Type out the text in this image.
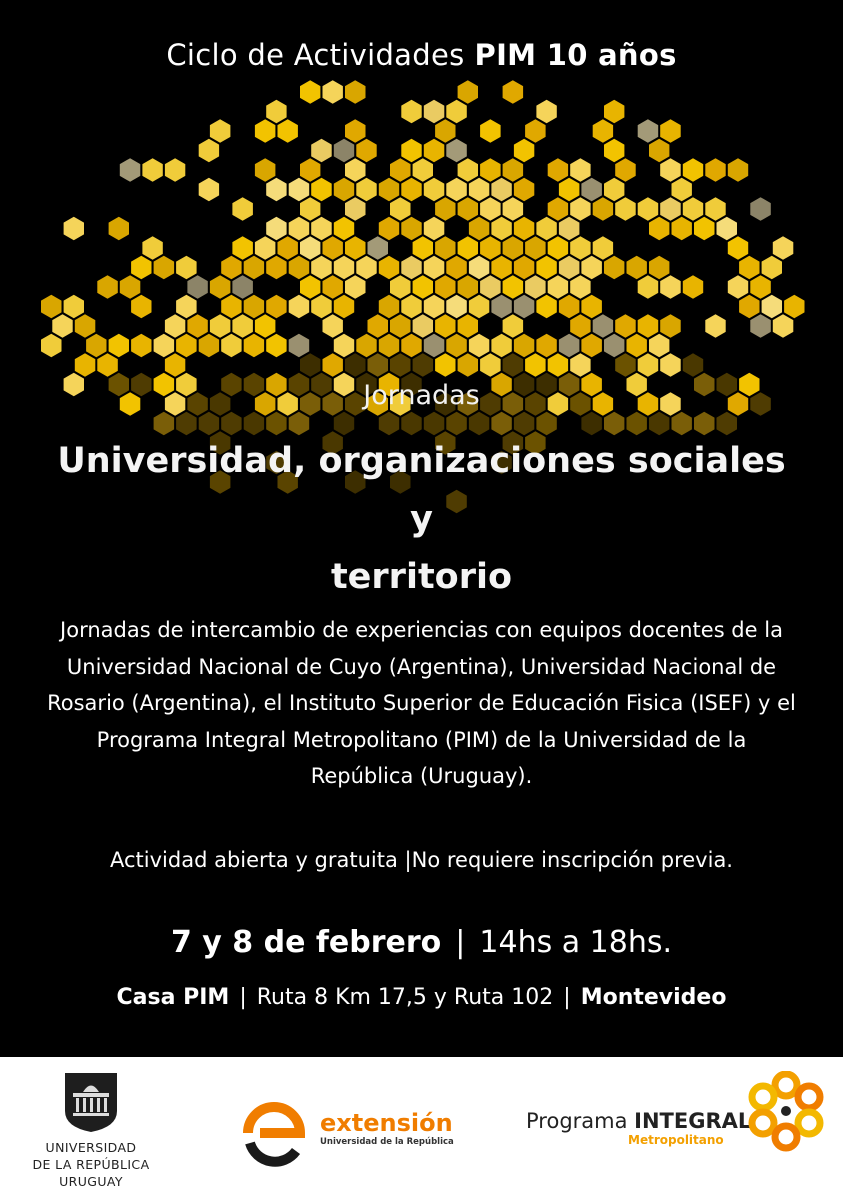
Ciclo de Actividades PIM 10 años
Jornadas
Universidad, organizaciones sociales y
territorio
Jornadas de intercambio de experiencias con equipos docentes de la
Universidad Nacional de Cuyo (Argentina), Universidad Nacional de
Rosario (Argentina), el Instituto Superior de Educación Fisica (ISEF) y el
Programa Integral Metropolitano (PIM) de la Universidad de la
República (Uruguay).
Actividad abierta y gratuita |No requiere inscripción previa.
7 y 8 de febrero | 14hs a 18hs.
Casa PIM | Ruta 8 Km 17,5 y Ruta 102 | Montevideo
UNIVERSIDAD
DE LA REPÚBLICA
URUGUAY
extensión
Universidad de la República
Programa INTEGRAL
Metropolitano
